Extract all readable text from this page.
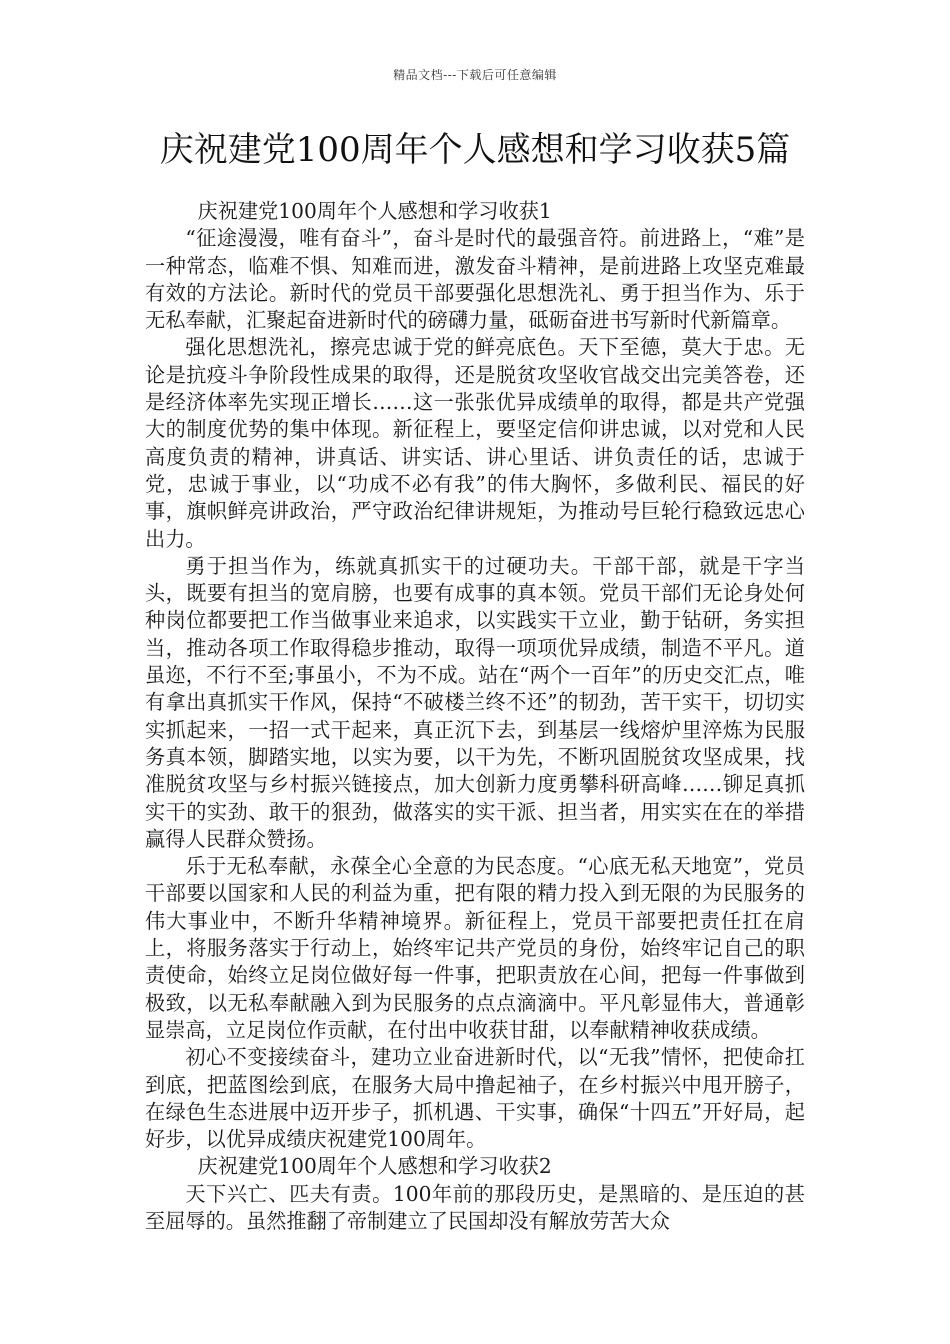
精品文档---下载后可任意编辑
庆祝建党100周年个人感想和学习收获5篇

庆祝建党100周年个人感想和学习收获1

“征途漫漫，唯有奋斗”，奋斗是时代的最强音符。前进路上，“难”是一种常态，临难不惧、知难而进，激发奋斗精神，是前进路上攻坚克难最有效的方法论。新时代的党员干部要强化思想洗礼、勇于担当作为、乐于无私奉献，汇聚起奋进新时代的磅礴力量，砥砺奋进书写新时代新篇章。

强化思想洗礼，擦亮忠诚于党的鲜亮底色。天下至德，莫大于忠。无论是抗疫斗争阶段性成果的取得，还是脱贫攻坚收官战交出完美答卷，还是经济体率先实现正增长……这一张张优异成绩单的取得，都是共产党强大的制度优势的集中体现。新征程上，要坚定信仰讲忠诚，以对党和人民高度负责的精神，讲真话、讲实话、讲心里话、讲负责任的话，忠诚于党，忠诚于事业，以“功成不必有我”的伟大胸怀，多做利民、福民的好事，旗帜鲜亮讲政治，严守政治纪律讲规矩，为推动号巨轮行稳致远忠心出力。

勇于担当作为，练就真抓实干的过硬功夫。干部干部，就是干字当头，既要有担当的宽肩膀，也要有成事的真本领。党员干部们无论身处何种岗位都要把工作当做事业来追求，以实践实干立业，勤于钻研，务实担当，推动各项工作取得稳步推动，取得一项项优异成绩，制造不平凡。道虽迩，不行不至;事虽小，不为不成。站在“两个一百年”的历史交汇点，唯有拿出真抓实干作风，保持“不破楼兰终不还”的韧劲，苦干实干，切切实实抓起来，一招一式干起来，真正沉下去，到基层一线熔炉里淬炼为民服务真本领，脚踏实地，以实为要，以干为先，不断巩固脱贫攻坚成果，找准脱贫攻坚与乡村振兴链接点，加大创新力度勇攀科研高峰……铆足真抓实干的实劲、敢干的狠劲，做落实的实干派、担当者，用实实在在的举措赢得人民群众赞扬。

乐于无私奉献，永葆全心全意的为民态度。“心底无私天地宽”，党员干部要以国家和人民的利益为重，把有限的精力投入到无限的为民服务的伟大事业中，不断升华精神境界。新征程上，党员干部要把责任扛在肩上，将服务落实于行动上，始终牢记共产党员的身份，始终牢记自己的职责使命，始终立足岗位做好每一件事，把职责放在心间，把每一件事做到极致，以无私奉献融入到为民服务的点点滴滴中。平凡彰显伟大，普通彰显崇高，立足岗位作贡献，在付出中收获甘甜，以奉献精神收获成绩。

初心不变接续奋斗，建功立业奋进新时代，以“无我”情怀，把使命扛到底，把蓝图绘到底，在服务大局中撸起袖子，在乡村振兴中甩开膀子，在绿色生态进展中迈开步子，抓机遇、干实事，确保“十四五”开好局，起好步，以优异成绩庆祝建党100周年。

庆祝建党100周年个人感想和学习收获2

天下兴亡、匹夫有责。100年前的那段历史，是黑暗的、是压迫的甚至屈辱的。虽然推翻了帝制建立了民国却没有解放劳苦大众
